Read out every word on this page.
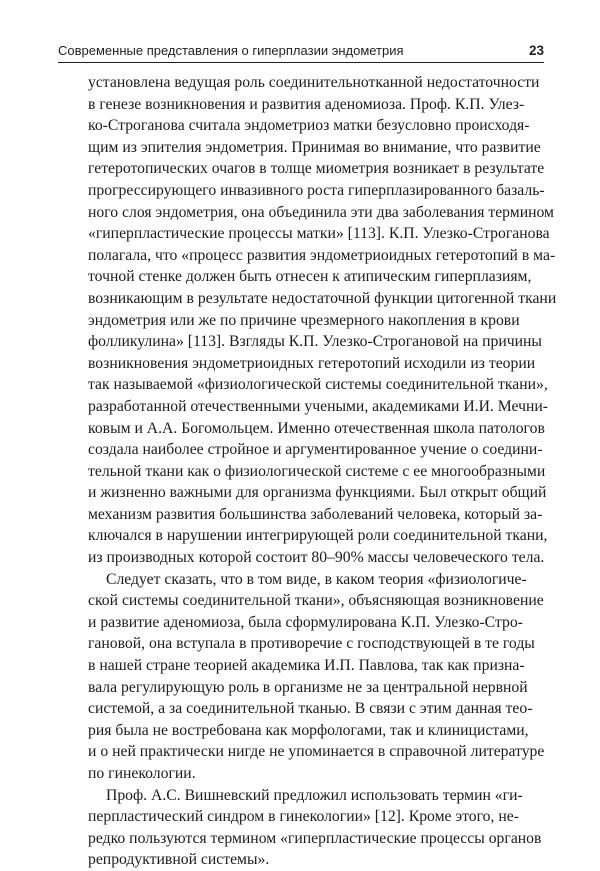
Современные представления о гиперплазии эндометрия	23
установлена ведущая роль соединительнотканной недостаточности
в генезе возникновения и развития аденомиоза. Проф. К.П. Улез-
ко-Строганова считала эндометриоз матки безусловно происходя-
щим из эпителия эндометрия. Принимая во внимание, что развитие
гетеротопических очагов в толще миометрия возникает в результате
прогрессирующего инвазивного роста гиперплазированного базаль-
ного слоя эндометрия, она объединила эти два заболевания термином
«гиперпластические процессы матки» [113]. К.П. Улезко-Строганова
полагала, что «процесс развития эндометриоидных гетеротопий в ма-
точной стенке должен быть отнесен к атипическим гиперплазиям,
возникающим в результате недостаточной функции цитогенной ткани
эндометрия или же по причине чрезмерного накопления в крови
фолликулина» [113]. Взгляды К.П. Улезко-Строгановой на причины
возникновения эндометриоидных гетеротопий исходили из теории
так называемой «физиологической системы соединительной ткани»,
разработанной отечественными учеными, академиками И.И. Мечни-
ковым и А.А. Богомольцем. Именно отечественная школа патологов
создала наиболее стройное и аргументированное учение о соедини-
тельной ткани как о физиологической системе с ее многообразными
и жизненно важными для организма функциями. Был открыт общий
механизм развития большинства заболеваний человека, который за-
ключался в нарушении интегрирующей роли соединительной ткани,
из производных которой состоит 80–90% массы человеческого тела.
Следует сказать, что в том виде, в каком теория «физиологиче-
ской системы соединительной ткани», объясняющая возникновение
и развитие аденомиоза, была сформулирована К.П. Улезко-Стро-
гановой, она вступала в противоречие с господствующей в те годы
в нашей стране теорией академика И.П. Павлова, так как призна-
вала регулирующую роль в организме не за центральной нервной
системой, а за соединительной тканью. В связи с этим данная тео-
рия была не востребована как морфологами, так и клиницистами,
и о ней практически нигде не упоминается в справочной литературе
по гинекологии.
Проф. А.С. Вишневский предложил использовать термин «ги-
перпластический синдром в гинекологии» [12]. Кроме этого, не-
редко пользуются термином «гиперпластические процессы органов
репродуктивной системы».
